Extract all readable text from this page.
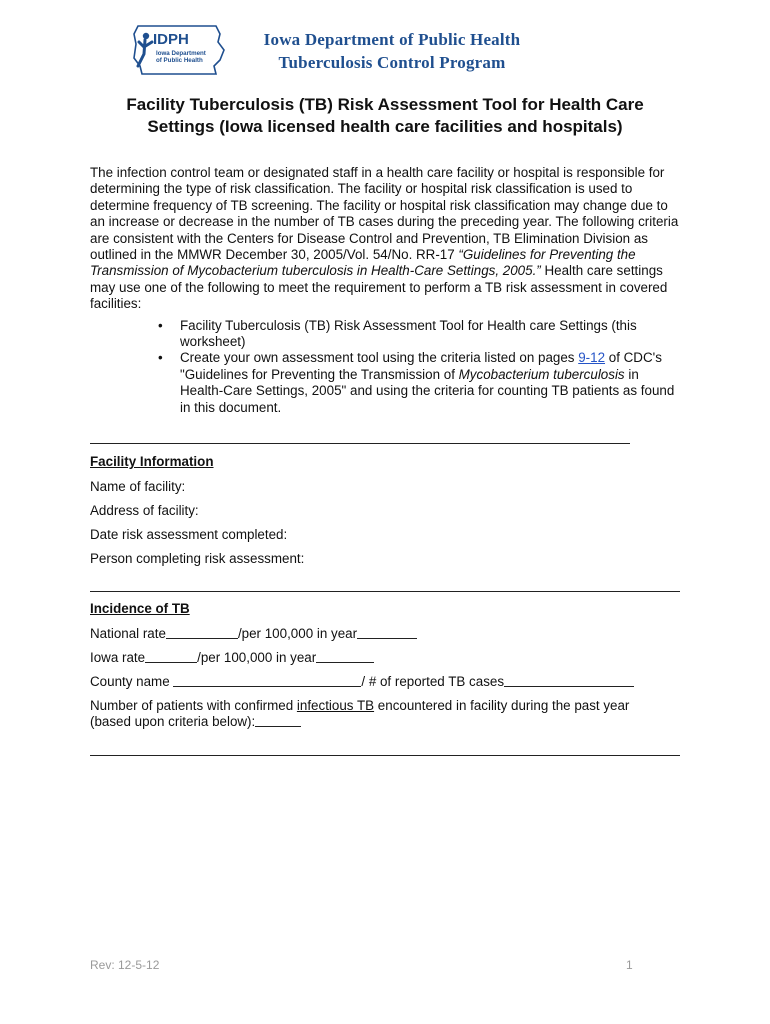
IDPH
Iowa Department
of Public Health
Iowa Department of Public Health
Tuberculosis Control Program
Facility Tuberculosis (TB) Risk Assessment Tool for Health Care
Settings (Iowa licensed health care facilities and hospitals)

The infection control team or designated staff in a health care facility or hospital is responsible for determining the type of risk classification. The facility or hospital risk classification is used to determine frequency of TB screening. The facility or hospital risk classification may change due to an increase or decrease in the number of TB cases during the preceding year. The following criteria are consistent with the Centers for Disease Control and Prevention, TB Elimination Division as outlined in the MMWR December 30, 2005/Vol. 54/No. RR-17 “Guidelines for Preventing the Transmission of Mycobacterium tuberculosis in Health-Care Settings, 2005.” Health care settings may use one of the following to meet the requirement to perform a TB risk assessment in covered facilities:

• Facility Tuberculosis (TB) Risk Assessment Tool for Health care Settings (this worksheet)
• Create your own assessment tool using the criteria listed on pages 9-12 of CDC's "Guidelines for Preventing the Transmission of Mycobacterium tuberculosis in Health-Care Settings, 2005" and using the criteria for counting TB patients as found in this document.
Facility Information
Name of facility:
Address of facility:
Date risk assessment completed:
Person completing risk assessment:
Incidence of TB
National rate	/per 100,000 in year
Iowa rate	/per 100,000 in year
County name	/ # of reported TB cases
Number of patients with confirmed infectious TB encountered in facility during the past year
(based upon criteria below):
Rev: 12-5-12	1
